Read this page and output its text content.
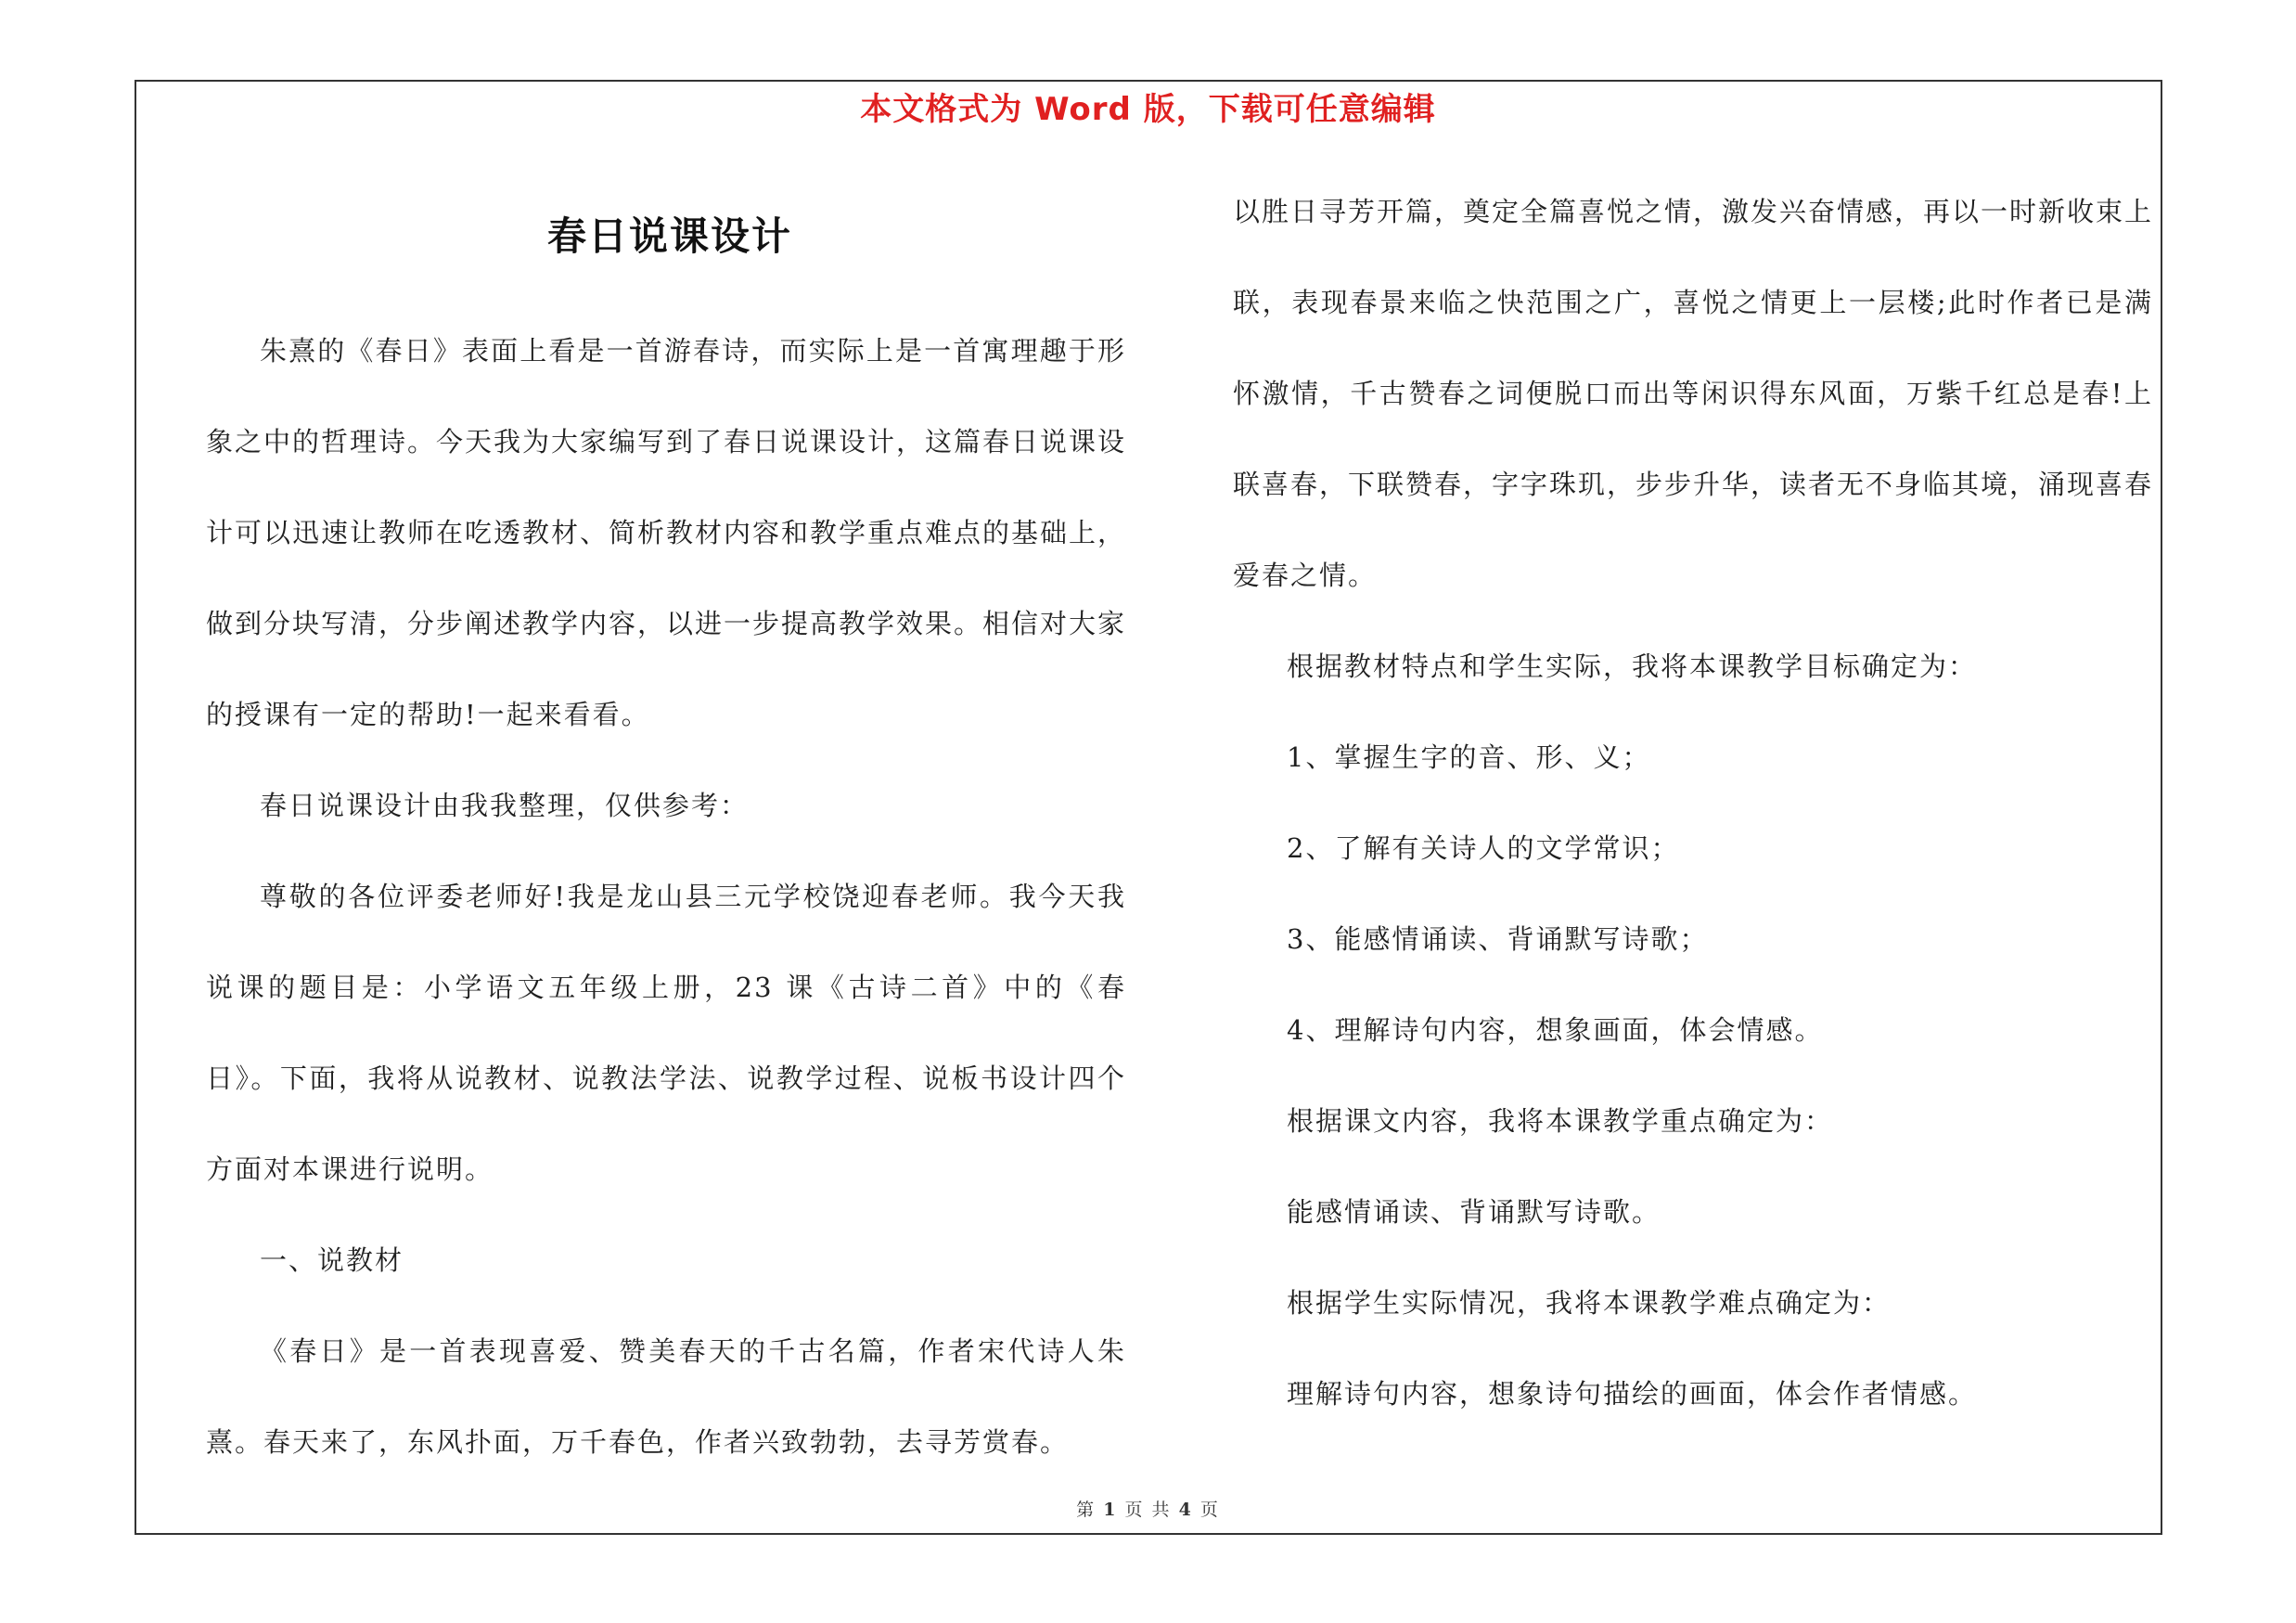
本文格式为 Word 版，下载可任意编辑
春日说课设计

朱熹的《春日》表面上看是一首游春诗，而实际上是一首寓理趣于形象之中的哲理诗。今天我为大家编写到了春日说课设计，这篇春日说课设计可以迅速让教师在吃透教材、简析教材内容和教学重点难点的基础上，做到分块写清，分步阐述教学内容，以进一步提高教学效果。相信对大家的授课有一定的帮助!一起来看看。

春日说课设计由我我整理，仅供参考：

尊敬的各位评委老师好!我是龙山县三元学校饶迎春老师。我今天我说课的题目是：小学语文五年级上册，23 课《古诗二首》中的《春日》。下面，我将从说教材、说教法学法、说教学过程、说板书设计四个方面对本课进行说明。

一、说教材

《春日》是一首表现喜爱、赞美春天的千古名篇，作者宋代诗人朱熹。春天来了，东风扑面，万千春色，作者兴致勃勃，去寻芳赏春。

以胜日寻芳开篇，奠定全篇喜悦之情，激发兴奋情感，再以一时新收束上联，表现春景来临之快范围之广，喜悦之情更上一层楼;此时作者已是满怀激情，千古赞春之词便脱口而出等闲识得东风面，万紫千红总是春!上联喜春，下联赞春，字字珠玑，步步升华，读者无不身临其境，涌现喜春爱春之情。

根据教材特点和学生实际，我将本课教学目标确定为：

1、掌握生字的音、形、义；

2、了解有关诗人的文学常识；

3、能感情诵读、背诵默写诗歌；

4、理解诗句内容，想象画面，体会情感。

根据课文内容，我将本课教学重点确定为：

能感情诵读、背诵默写诗歌。

根据学生实际情况，我将本课教学难点确定为：

理解诗句内容，想象诗句描绘的画面，体会作者情感。

第 1 页 共 4 页
